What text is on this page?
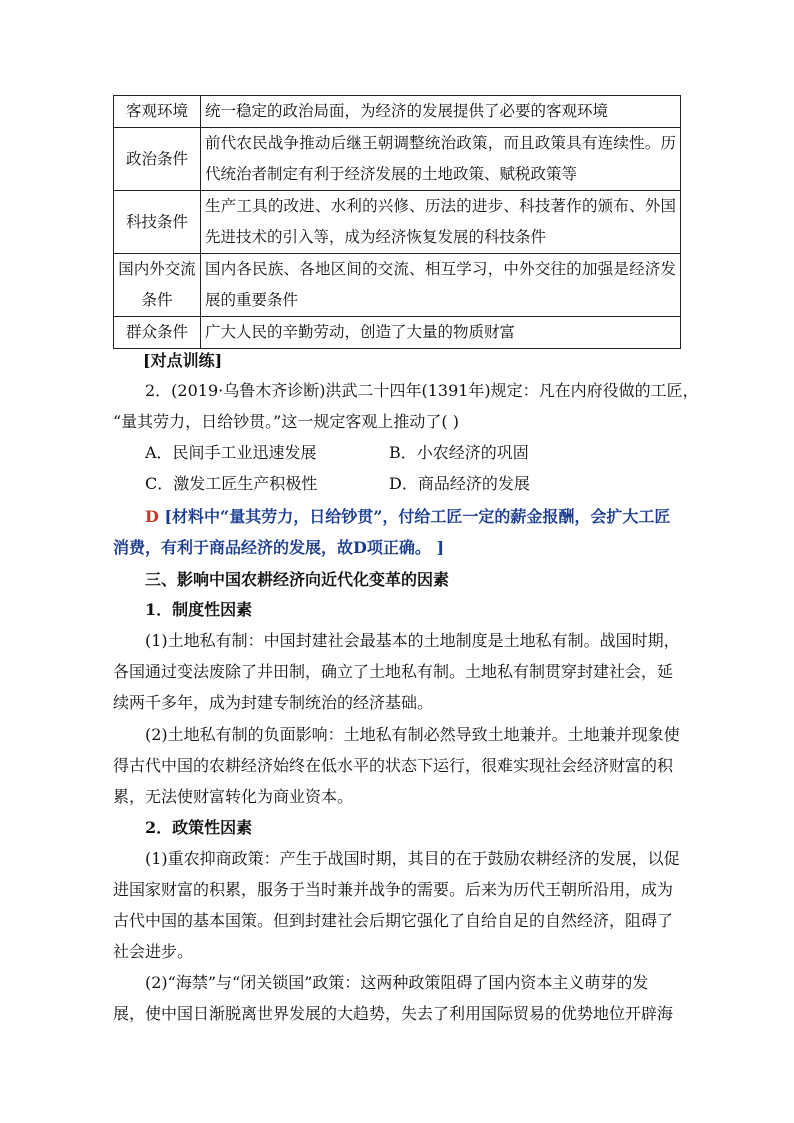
客观环境	统一稳定的政治局面，为经济的发展提供了必要的客观环境
政治条件	前代农民战争推动后继王朝调整统治政策，而且政策具有连续性。历代统治者制定有利于经济发展的土地政策、赋税政策等
科技条件	生产工具的改进、水利的兴修、历法的进步、科技著作的颁布、外国先进技术的引入等，成为经济恢复发展的科技条件
国内外交流条件	国内各民族、各地区间的交流、相互学习，中外交往的加强是经济发展的重要条件
群众条件	广大人民的辛勤劳动，创造了大量的物质财富
[对点训练]
2．(2019·乌鲁木齐诊断)洪武二十四年(1391年)规定：凡在内府役做的工匠，
“量其劳力，日给钞贯。”这一规定客观上推动了( )
A．民间手工业迅速发展	B．小农经济的巩固
C．激发工匠生产积极性	D．商品经济的发展
D [材料中“量其劳力，日给钞贯”，付给工匠一定的薪金报酬，会扩大工匠
消费，有利于商品经济的发展，故D项正确。 ]
三、影响中国农耕经济向近代化变革的因素
1．制度性因素
(1)土地私有制：中国封建社会最基本的土地制度是土地私有制。战国时期，
各国通过变法废除了井田制，确立了土地私有制。土地私有制贯穿封建社会，延
续两千多年，成为封建专制统治的经济基础。
(2)土地私有制的负面影响：土地私有制必然导致土地兼并。土地兼并现象使
得古代中国的农耕经济始终在低水平的状态下运行，很难实现社会经济财富的积
累，无法使财富转化为商业资本。
2．政策性因素
(1)重农抑商政策：产生于战国时期，其目的在于鼓励农耕经济的发展，以促
进国家财富的积累，服务于当时兼并战争的需要。后来为历代王朝所沿用，成为
古代中国的基本国策。但到封建社会后期它强化了自给自足的自然经济，阻碍了
社会进步。
(2)“海禁”与“闭关锁国”政策：这两种政策阻碍了国内资本主义萌芽的发
展，使中国日渐脱离世界发展的大趋势，失去了利用国际贸易的优势地位开辟海
